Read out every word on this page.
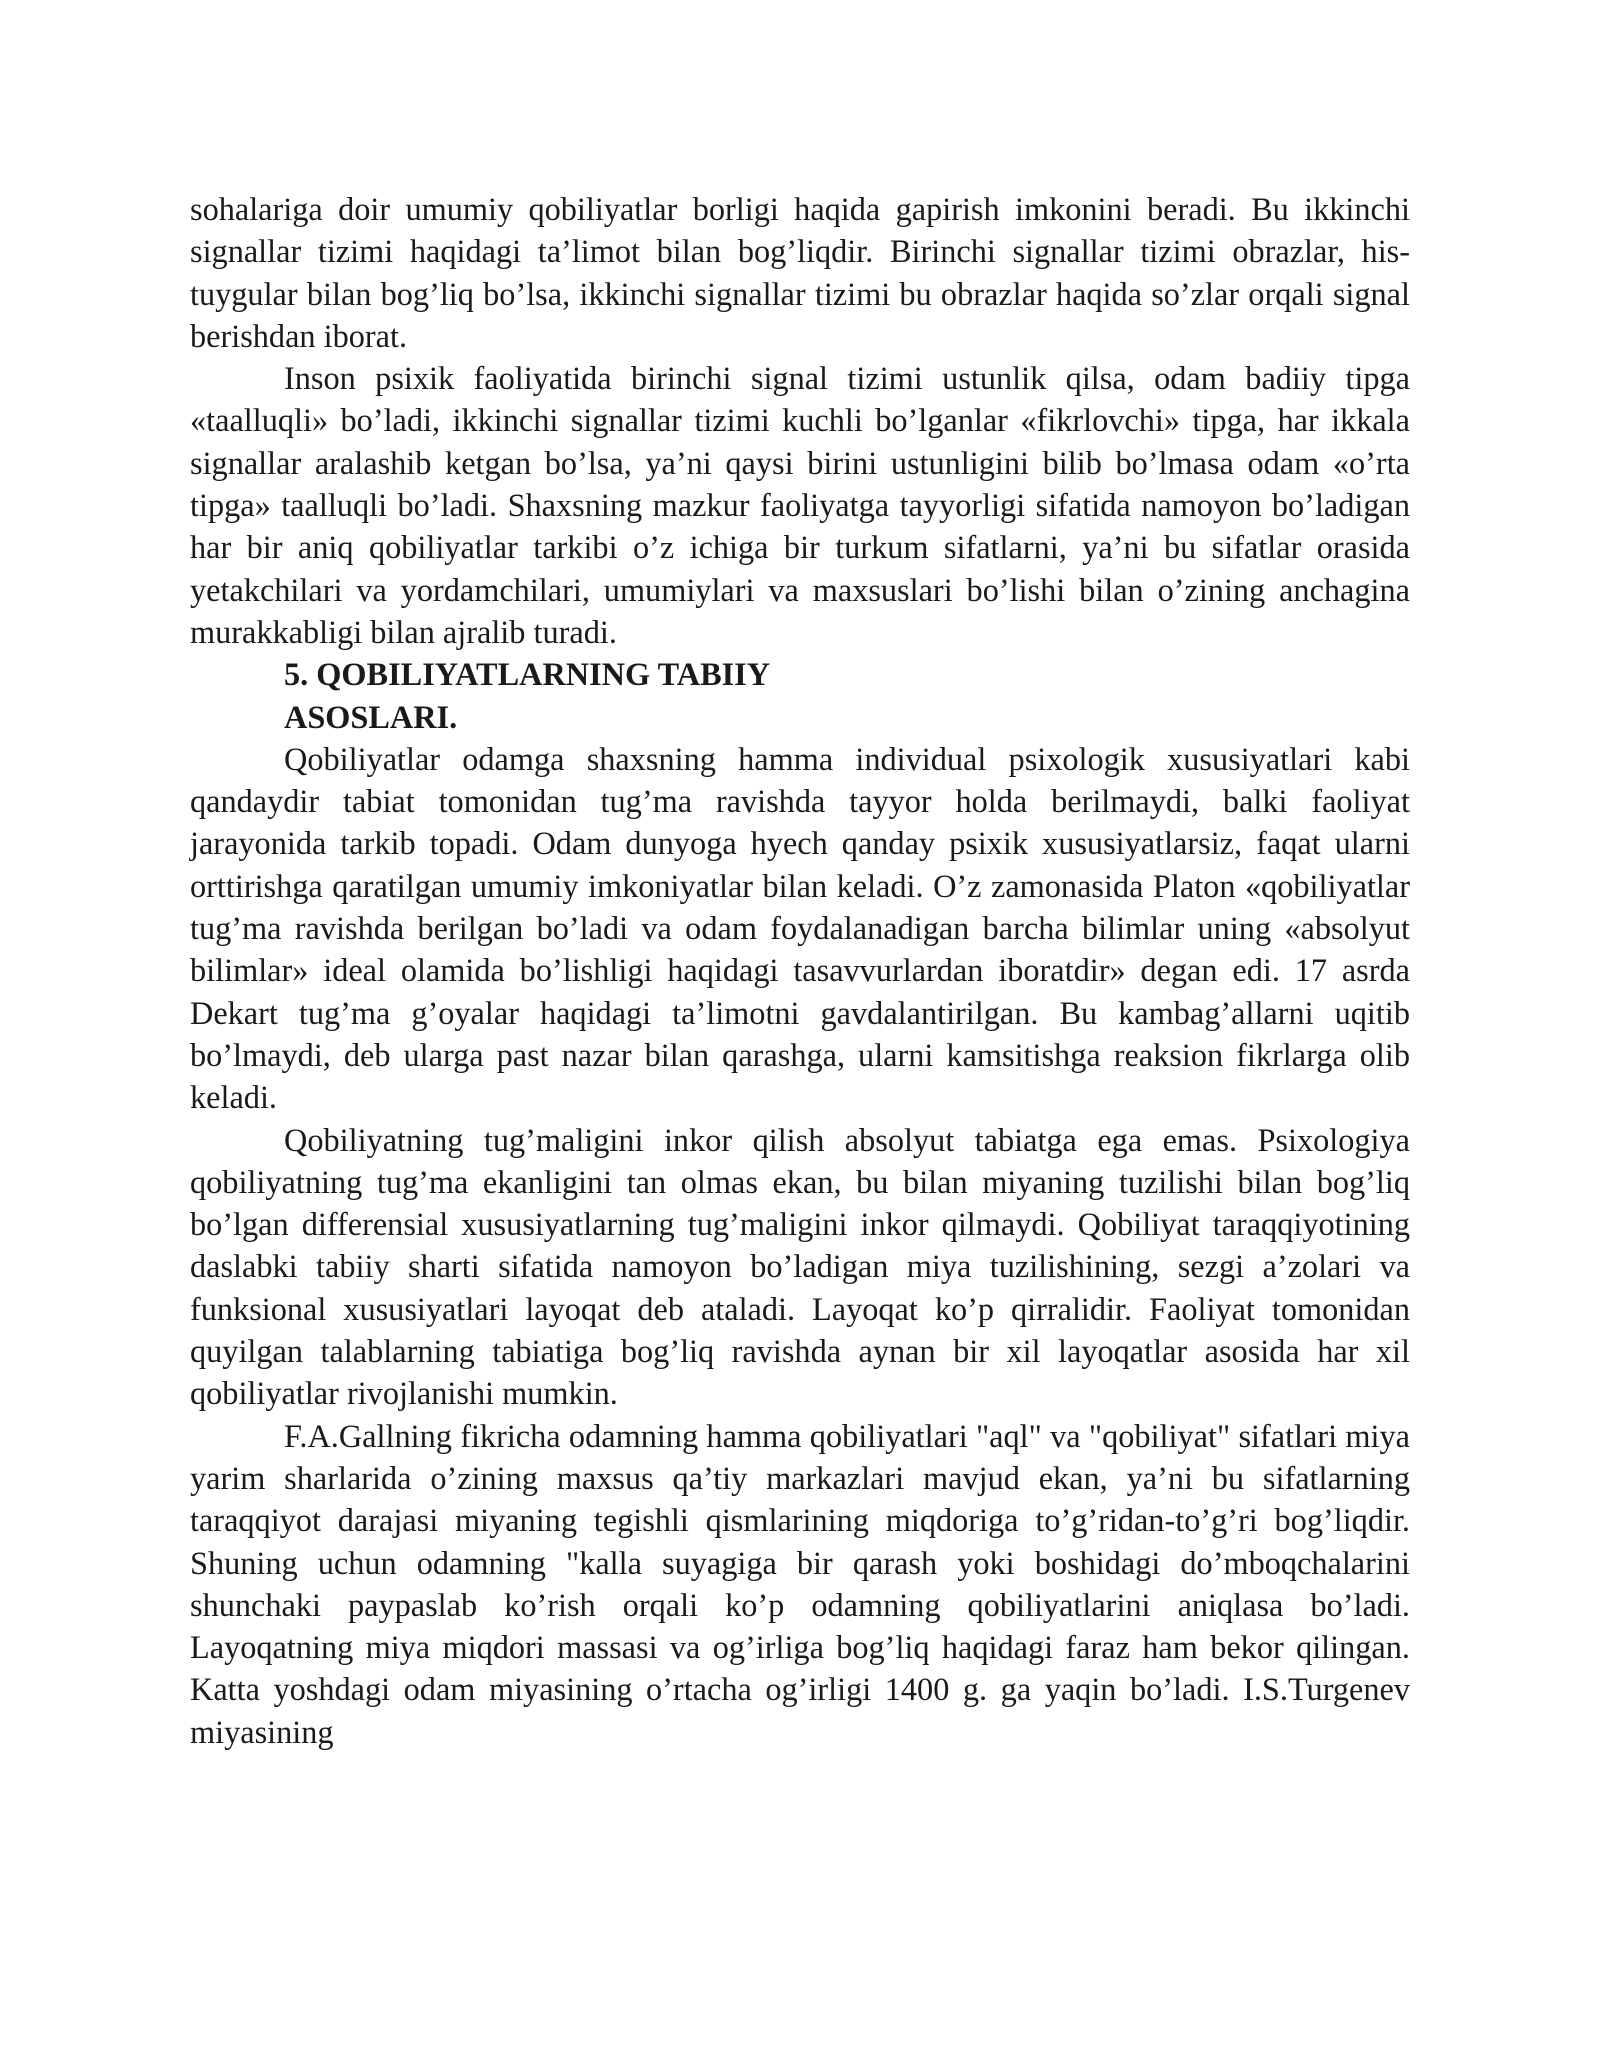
sohalariga doir umumiy qobiliyatlar borligi haqida gapirish imkonini beradi. Bu ikkinchi signallar tizimi haqidagi ta’limot bilan bog’liqdir. Birinchi signallar tizimi obrazlar, his-tuygular bilan bog’liq bo’lsa, ikkinchi signallar tizimi bu obrazlar haqida so’zlar orqali signal berishdan iborat.

Inson psixik faoliyatida birinchi signal tizimi ustunlik qilsa, odam badiiy tipga «taalluqli» bo’ladi, ikkinchi signallar tizimi kuchli bo’lganlar «fikrlovchi» tipga, har ikkala signallar aralashib ketgan bo’lsa, ya’ni qaysi birini ustunligini bilib bo’lmasa odam «o’rta tipga» taalluqli bo’ladi. Shaxsning mazkur faoliyatga tayyorligi sifatida namoyon bo’ladigan har bir aniq qobiliyatlar tarkibi o’z ichiga bir turkum sifatlarni, ya’ni bu sifatlar orasida yetakchilari va yordamchilari, umumiylari va maxsuslari bo’lishi bilan o’zining anchagina murakkabligi bilan ajralib turadi.

5. QOBILIYATLARNING TABIIY
ASOSLARI.

Qobiliyatlar odamga shaxsning hamma individual psixologik xususiyatlari kabi qandaydir tabiat tomonidan tug’ma ravishda tayyor holda berilmaydi, balki faoliyat jarayonida tarkib topadi. Odam dunyoga hyech qanday psixik xususiyatlarsiz, faqat ularni orttirishga qaratilgan umumiy imkoniyatlar bilan keladi. O’z zamonasida Platon «qobiliyatlar tug’ma ravishda berilgan bo’ladi va odam foydalanadigan barcha bilimlar uning «absolyut bilimlar» ideal olamida bo’lishligi haqidagi tasavvurlardan iboratdir» degan edi. 17 asrda Dekart tug’ma g’oyalar haqidagi ta’limotni gavdalantirilgan. Bu kambag’allarni uqitib bo’lmaydi, deb ularga past nazar bilan qarashga, ularni kamsitishga reaksion fikrlarga olib keladi.

Qobiliyatning tug’maligini inkor qilish absolyut tabiatga ega emas. Psixologiya qobiliyatning tug’ma ekanligini tan olmas ekan, bu bilan miyaning tuzilishi bilan bog’liq bo’lgan differensial xususiyatlarning tug’maligini inkor qilmaydi. Qobiliyat taraqqiyotining daslabki tabiiy sharti sifatida namoyon bo’ladigan miya tuzilishining, sezgi a’zolari va funksional xususiyatlari layoqat deb ataladi. Layoqat ko’p qirralidir. Faoliyat tomonidan quyilgan talablarning tabiatiga bog’liq ravishda aynan bir xil layoqatlar asosida har xil qobiliyatlar rivojlanishi mumkin.

F.A.Gallning fikricha odamning hamma qobiliyatlari "aql" va "qobiliyat" sifatlari miya yarim sharlarida o’zining maxsus qa’tiy markazlari mavjud ekan, ya’ni bu sifatlarning taraqqiyot darajasi miyaning tegishli qismlarining miqdoriga to’g’ridan-to’g’ri bog’liqdir. Shuning uchun odamning "kalla suyagiga bir qarash yoki boshidagi do’mboqchalarini shunchaki paypaslab ko’rish orqali ko’p odamning qobiliyatlarini aniqlasa bo’ladi. Layoqatning miya miqdori massasi va og’irliga bog’liq haqidagi faraz ham bekor qilingan. Katta yoshdagi odam miyasining o’rtacha og’irligi 1400 g. ga yaqin bo’ladi. I.S.Turgenev miyasining
